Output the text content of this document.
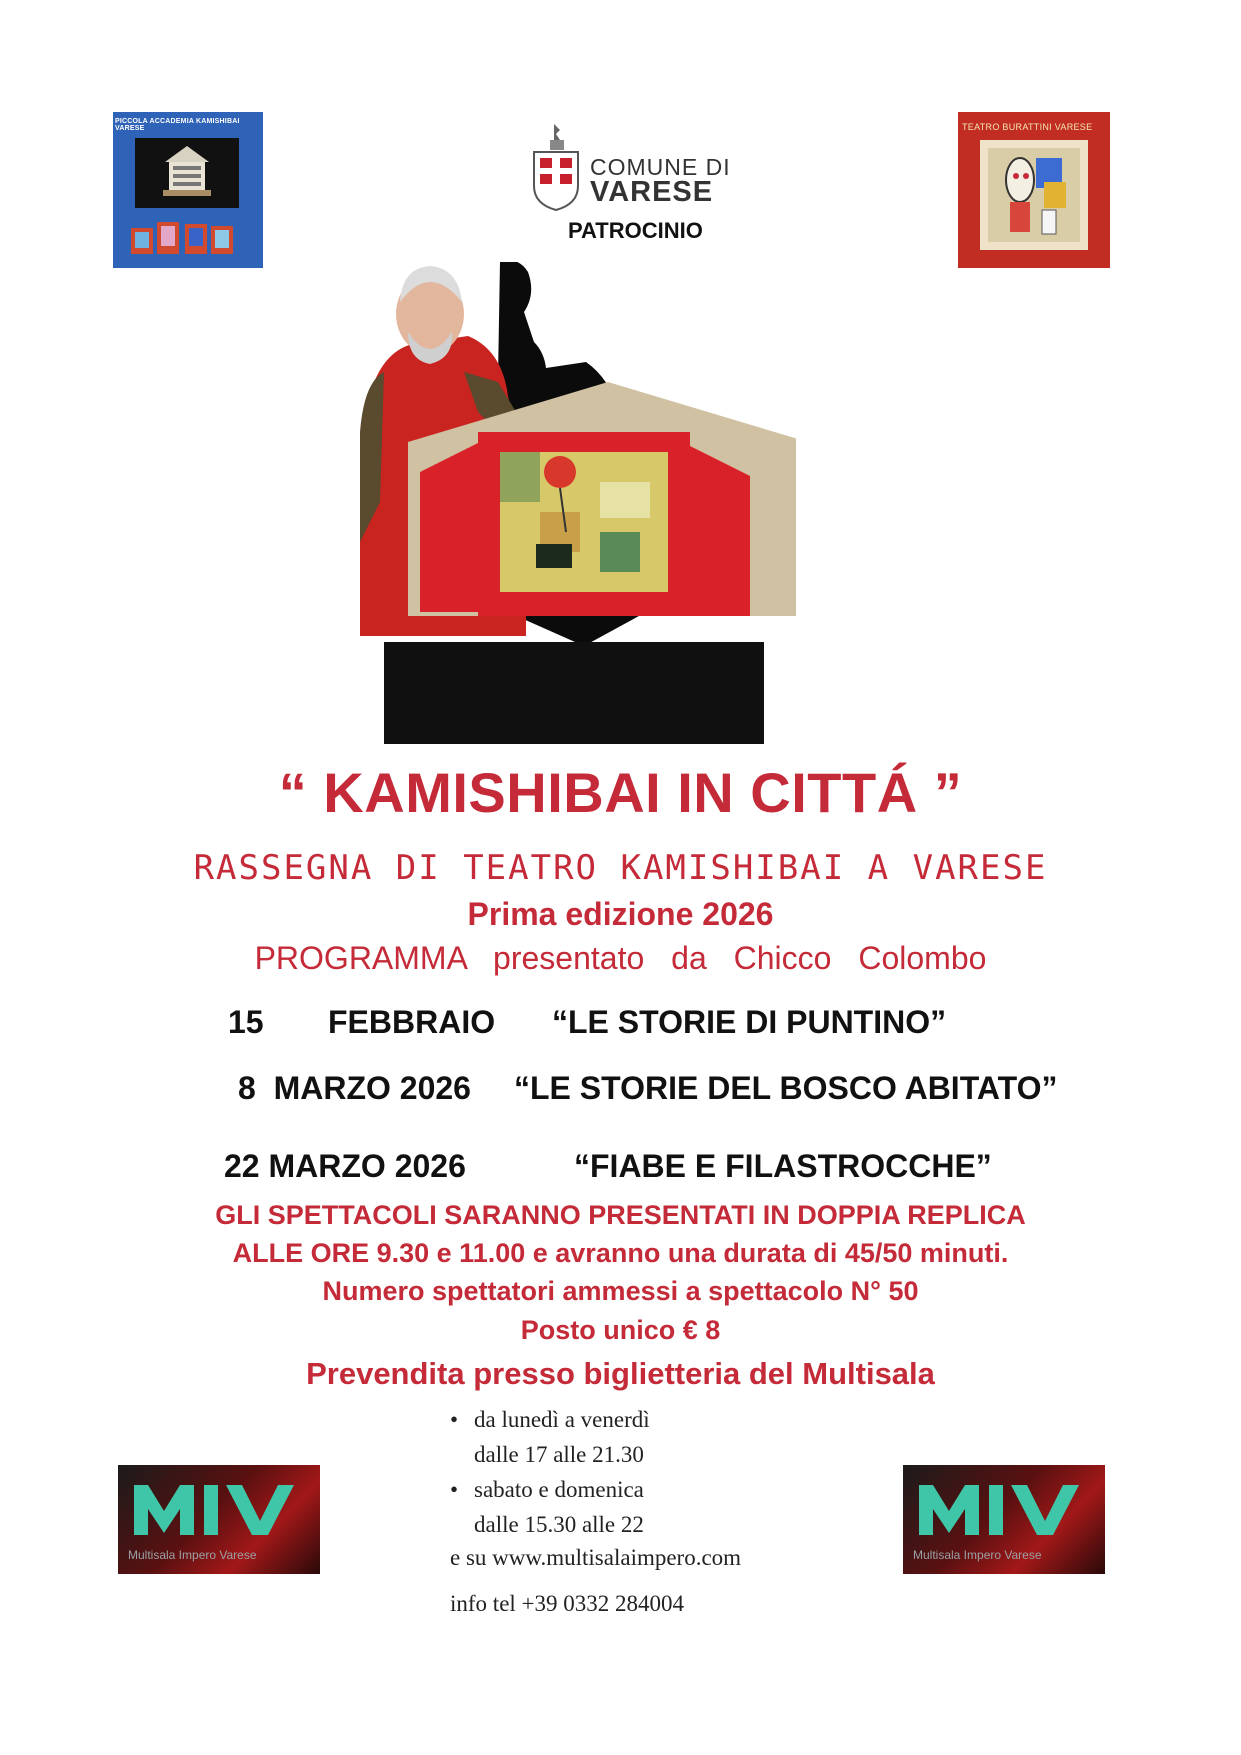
PICCOLA ACCADEMIA KAMISHIBAI VARESE
COMUNE DI
VARESE
PATROCINIO
TEATRO BURATTINI VARESE
“ KAMISHIBAI IN CITTÁ ”
RASSEGNA DI TEATRO KAMISHIBAI A VARESE
Prima edizione 2026
PROGRAMMA presentato da Chicco Colombo
15 FEBBRAIO “LE STORIE DI PUNTINO”
8  MARZO 2026 “LE STORIE DEL BOSCO ABITATO”
22 MARZO 2026	“FIABE E FILASTROCCHE”
GLI SPETTACOLI SARANNO PRESENTATI IN DOPPIA REPLICA
ALLE ORE 9.30 e 11.00 e avranno una durata di 45/50 minuti.
Numero spettatori ammessi a spettacolo N° 50
Posto unico € 8
Prevendita presso biglietteria del Multisala
• da lunedì a venerdì
dalle 17 alle 21.30
• sabato e domenica
dalle 15.30 alle 22
e su www.multisalaimpero.com
info tel +39 0332 284004
Multisala Impero Varese	Multisala Impero Varese
